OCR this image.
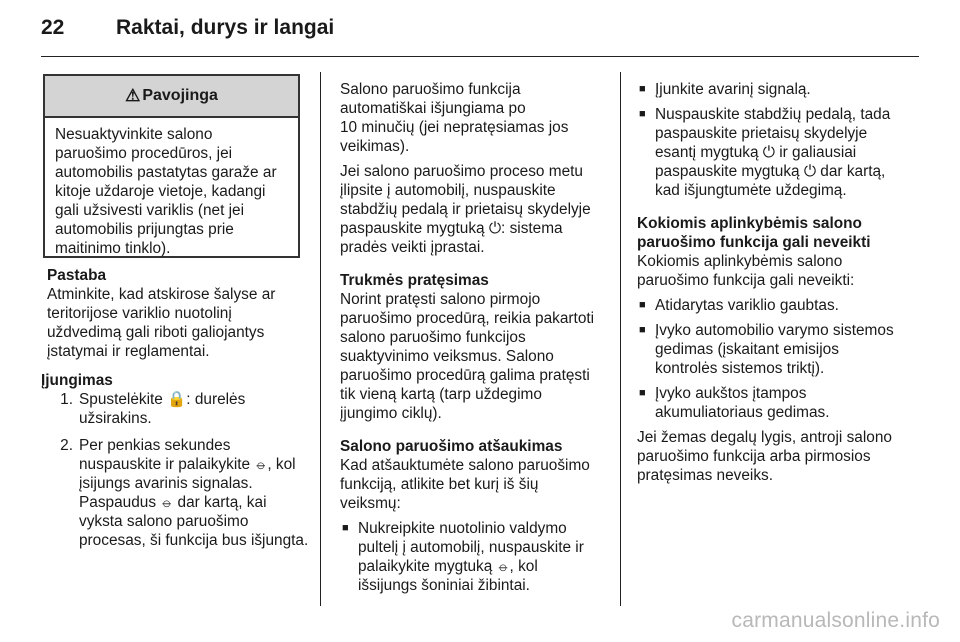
22 Raktai, durys ir langai
⚠ Pavojinga

Nesuaktyvinkite salono

paruošimo procedūros, jei

automobilis pastatytas garaže ar

kitoje uždaroje vietoje, kadangi

gali užsivesti variklis (net jei

automobilis prijungtas prie

maitinimo tinklo).

Pastaba

Atminkite, kad atskirose šalyse ar

teritorijose variklio nuotolinį

uždvedimą gali riboti galiojantys

įstatymai ir reglamentai.

Įjungimas

1. Spustelėkite 🔒: durelės

užsirakins.

2. Per penkias sekundes

nuspauskite ir palaikykite ⦵, kol

įsijungs avarinis signalas.

Paspaudus ⦵ dar kartą, kai

vyksta salono paruošimo

procesas, ši funkcija bus išjungta.

Salono paruošimo funkcija

automatiškai išjungiama po

10 minučių (jei nepratęsiamas jos

veikimas).

Jei salono paruošimo proceso metu

įlipsite į automobilį, nuspauskite

stabdžių pedalą ir prietaisų skydelyje

paspauskite mygtuką ⏻: sistema

pradės veikti įprastai.

Trukmės pratęsimas

Norint pratęsti salono pirmojo

paruošimo procedūrą, reikia pakartoti

salono paruošimo funkcijos

suaktyvinimo veiksmus. Salono

paruošimo procedūrą galima pratęsti

tik vieną kartą (tarp uždegimo

įjungimo ciklų).

Salono paruošimo atšaukimas

Kad atšauktumėte salono paruošimo

funkciją, atlikite bet kurį iš šių

veiksmų:

■ Nukreipkite nuotolinio valdymo

pultelį į automobilį, nuspauskite ir

palaikykite mygtuką ⦵, kol

išsijungs šoniniai žibintai.

■ Įjunkite avarinį signalą.

■ Nuspauskite stabdžių pedalą, tada

paspauskite prietaisų skydelyje

esantį mygtuką ⏻ ir galiausiai

paspauskite mygtuką ⏻ dar kartą,

kad išjungtumėte uždegimą.

Kokiomis aplinkybėmis salono

paruošimo funkcija gali neveikti

Kokiomis aplinkybėmis salono

paruošimo funkcija gali neveikti:

■ Atidarytas variklio gaubtas.

■ Įvyko automobilio varymo sistemos

gedimas (įskaitant emisijos

kontrolės sistemos triktį).

■ Įvyko aukštos įtampos

akumuliatoriaus gedimas.

Jei žemas degalų lygis, antroji salono

paruošimo funkcija arba pirmosios

pratęsimas neveiks.

carmanualsonline.info
